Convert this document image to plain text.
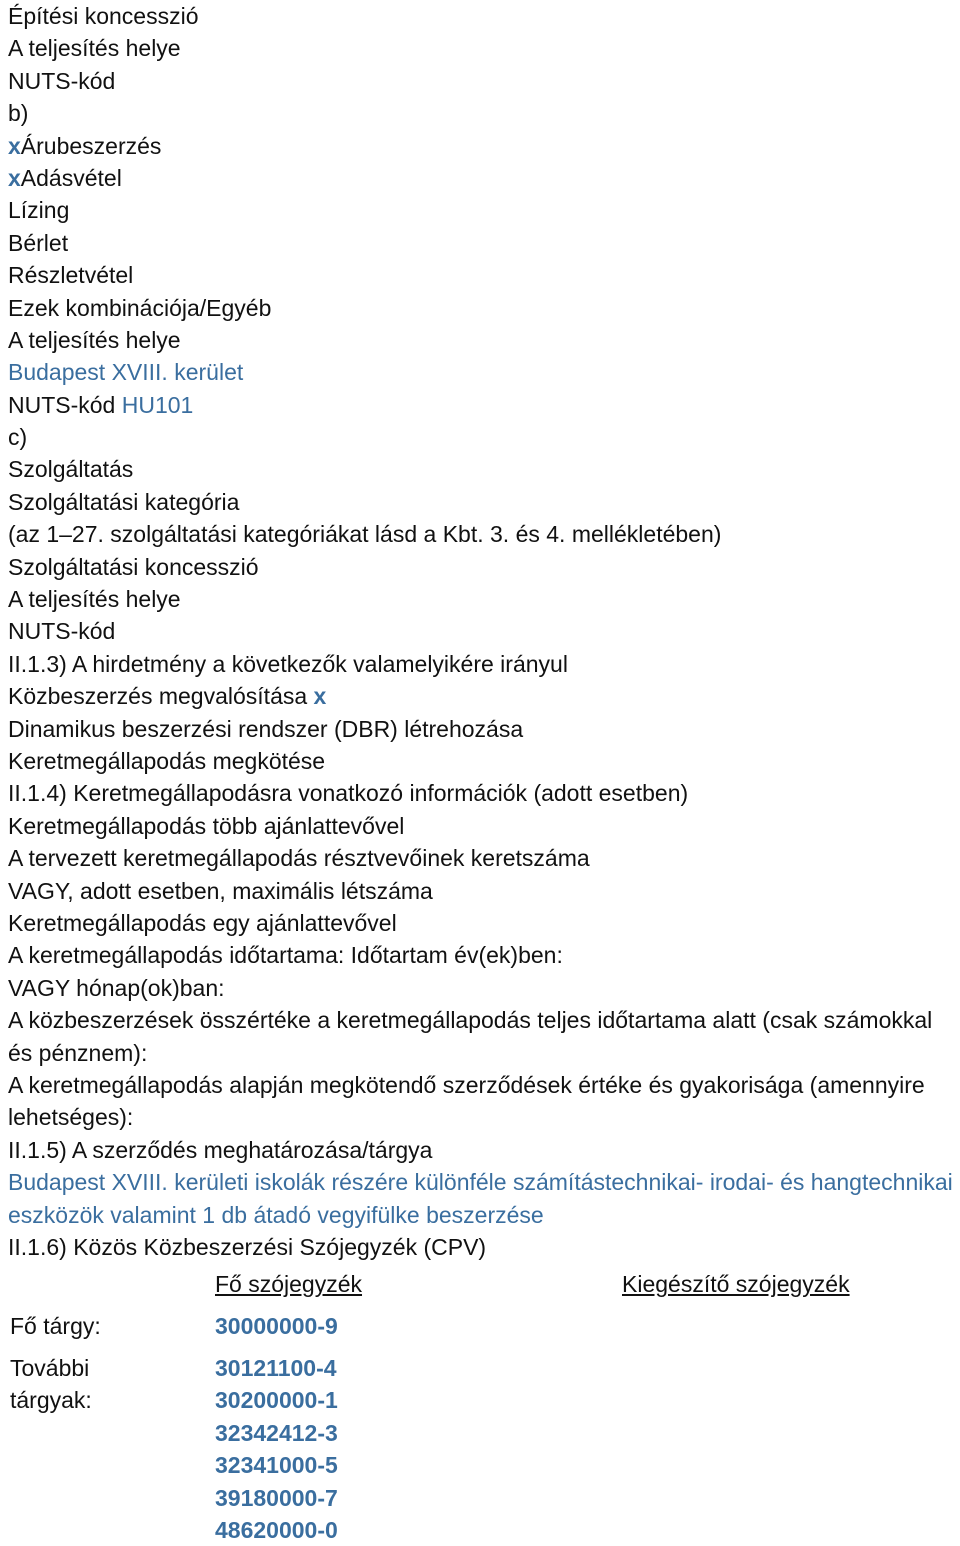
Építési koncesszió
A teljesítés helye
NUTS-kód
b)
xÁrubeszerzés
xAdásvétel
Lízing
Bérlet
Részletvétel
Ezek kombinációja/Egyéb
A teljesítés helye
Budapest XVIII. kerület
NUTS-kód HU101
c)
Szolgáltatás
Szolgáltatási kategória
(az 1–27. szolgáltatási kategóriákat lásd a Kbt. 3. és 4. mellékletében)
Szolgáltatási koncesszió
A teljesítés helye
NUTS-kód
II.1.3) A hirdetmény a következők valamelyikére irányul
Közbeszerzés megvalósítása x
Dinamikus beszerzési rendszer (DBR) létrehozása
Keretmegállapodás megkötése
II.1.4) Keretmegállapodásra vonatkozó információk (adott esetben)
Keretmegállapodás több ajánlattevővel
A tervezett keretmegállapodás résztvevőinek keretszáma
VAGY, adott esetben, maximális létszáma
Keretmegállapodás egy ajánlattevővel
A keretmegállapodás időtartama: Időtartam év(ek)ben:
VAGY hónap(ok)ban:
A közbeszerzések összértéke a keretmegállapodás teljes időtartama alatt (csak számokkal és pénznem):
A keretmegállapodás alapján megkötendő szerződések értéke és gyakorisága (amennyire lehetséges):
II.1.5) A szerződés meghatározása/tárgya
Budapest XVIII. kerületi iskolák részére különféle számítástechnikai- irodai- és hangtechnikai eszközök valamint 1 db átadó vegyifülke beszerzése
II.1.6) Közös Közbeszerzési Szójegyzék (CPV)
Fő szójegyzék	Kiegészítő szójegyzék
Fő tárgy:	30000000-9
További
tárgyak:
30121100-4
30200000-1
32342412-3
32341000-5
39180000-7
48620000-0
